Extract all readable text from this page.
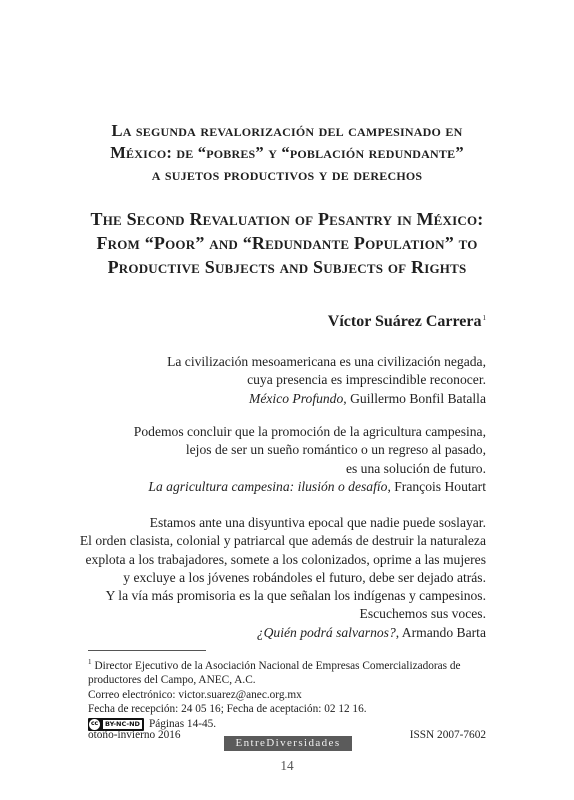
La segunda revalorización del campesinado en
México: de “pobres” y “población redundante”
a sujetos productivos y de derechos
The Second Revaluation of Pesantry in México:
From “Poor” and “Redundante Population” to
Productive Subjects and Subjects of Rights
Víctor Suárez Carrera$^1$
La civilización mesoamericana es una civilización negada,
cuya presencia es imprescindible reconocer.
México Profundo, Guillermo Bonfil Batalla
Podemos concluir que la promoción de la agricultura campesina,
lejos de ser un sueño romántico o un regreso al pasado,
es una solución de futuro.
La agricultura campesina: ilusión o desafío, François Houtart
Estamos ante una disyuntiva epocal que nadie puede soslayar.
El orden clasista, colonial y patriarcal que además de destruir la naturaleza
explota a los trabajadores, somete a los colonizados, oprime a las mujeres
y excluye a los jóvenes robándoles el futuro, debe ser dejado atrás.
Y la vía más promisoria es la que señalan los indígenas y campesinos.
Escuchemos sus voces.
¿Quién podrá salvarnos?, Armando Barta
$^1$ Director Ejecutivo de la Asociación Nacional de Empresas Comercializadoras de
productores del Campo, ANEC, A.C.
Correo electrónico: victor.suarez@anec.org.mx
Fecha de recepción: 24 05 16; Fecha de aceptación: 02 12 16.
cc	BY-NC-ND Páginas 14-45.
otoño-invierno 2016
EntreDiversidades
ISSN 2007-7602
14
